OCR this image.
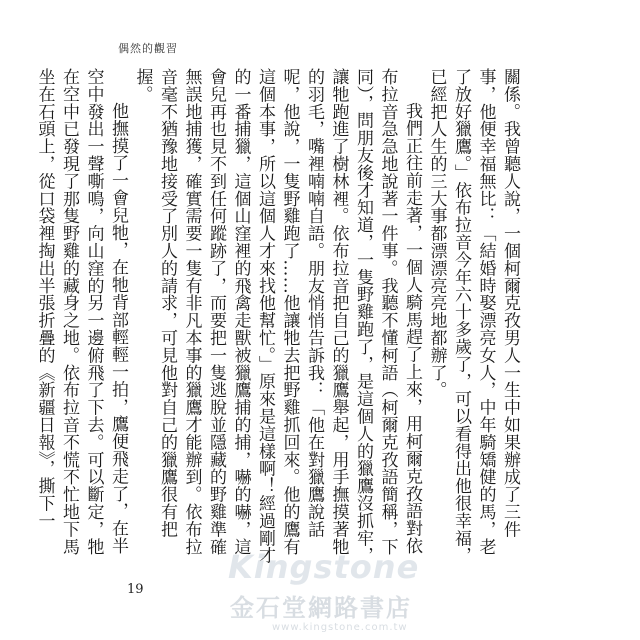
偶然的觀習

關係。我曾聽人說，一個柯爾克孜男人一生中如果辦成了三件事，他便幸福無比：「結婚時娶漂亮女人，中年騎矯健的馬，老了放好獵鷹。」依布拉音今年六十多歲了，可以看得出他很幸福，已經把人生的三大事都漂漂亮亮地都辦了。

我們正往前走著，一個人騎馬趕了上來，用柯爾克孜語對依布拉音急急地說著一件事。我聽不懂柯語（柯爾克孜語簡稱，下同），問朋友後才知道，一隻野雞跑了，是這個人的獵鷹沒抓牢，讓牠跑進了樹林裡。依布拉音把自己的獵鷹舉起，用手撫摸著牠的羽毛，嘴裡喃喃自語。朋友悄悄告訴我：「他在對獵鷹說話呢，他說，一隻野雞跑了……他讓牠去把野雞抓回來。他的鷹有這個本事，所以這個人才來找他幫忙。」原來是這樣啊！經過剛才的一番捕獵，這個山窪裡的飛禽走獸被獵鷹捕的捕，嚇的嚇，這會兒再也見不到任何蹤跡了，而要把一隻逃脫並隱藏的野雞準確無誤地捕獲，確實需要一隻有非凡本事的獵鷹才能辦到。依布拉音毫不猶豫地接受了別人的請求，可見他對自己的獵鷹很有把握。

他撫摸了一會兒牠，在牠背部輕輕一拍，鷹便飛走了，在半空中發出一聲嘶鳴，向山窪的另一邊俯飛了下去。可以斷定，牠在空中已發現了那隻野雞的藏身之地。依布拉音不慌不忙地下馬坐在石頭上，從口袋裡掏出半張折疊的《新疆日報》，撕下一

19
Kingstone
金石堂網路書店
www.kingstone.com.tw
